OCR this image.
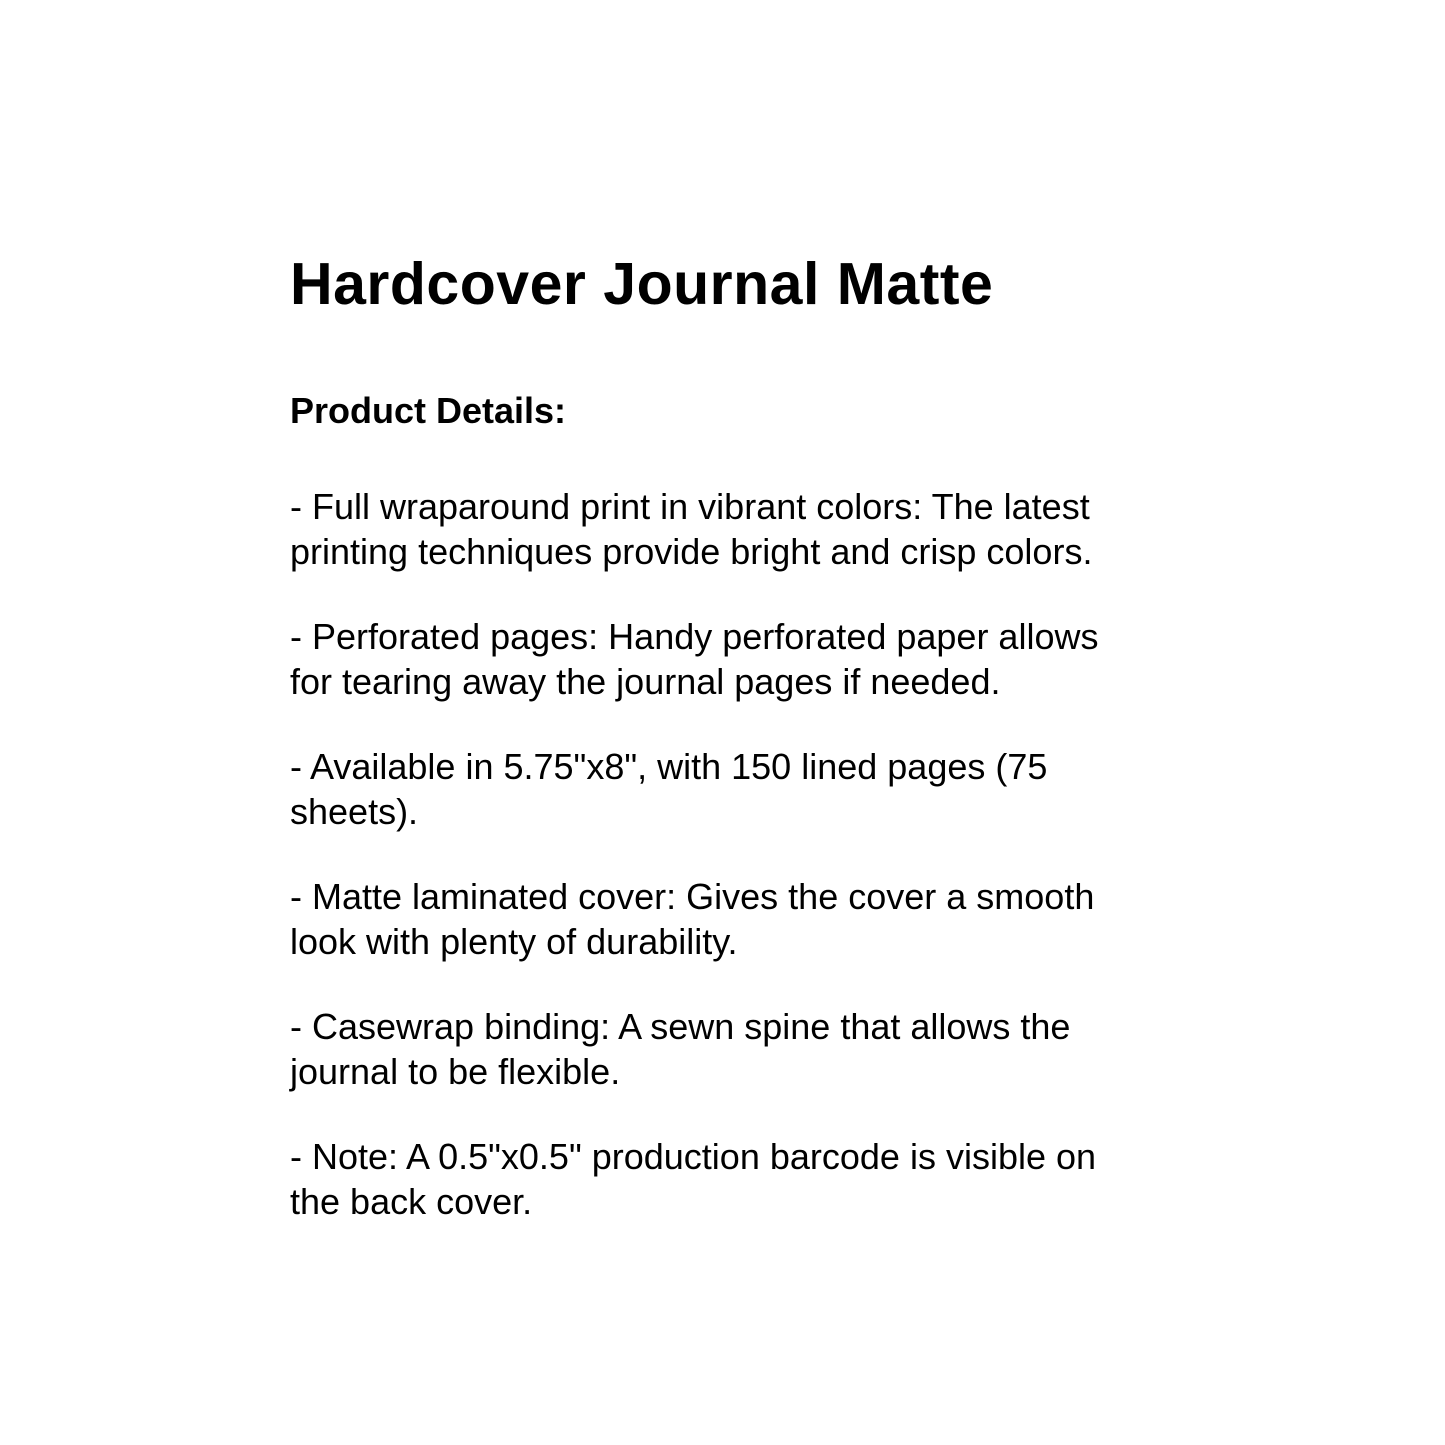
Hardcover Journal Matte
Product Details:

- Full wraparound print in vibrant colors: The latest printing techniques provide bright and crisp colors.

- Perforated pages: Handy perforated paper allows for tearing away the journal pages if needed.

- Available in 5.75"x8", with 150 lined pages (75 sheets).

- Matte laminated cover: Gives the cover a smooth look with plenty of durability.

- Casewrap binding: A sewn spine that allows the journal to be flexible.

- Note: A 0.5"x0.5" production barcode is visible on the back cover.
